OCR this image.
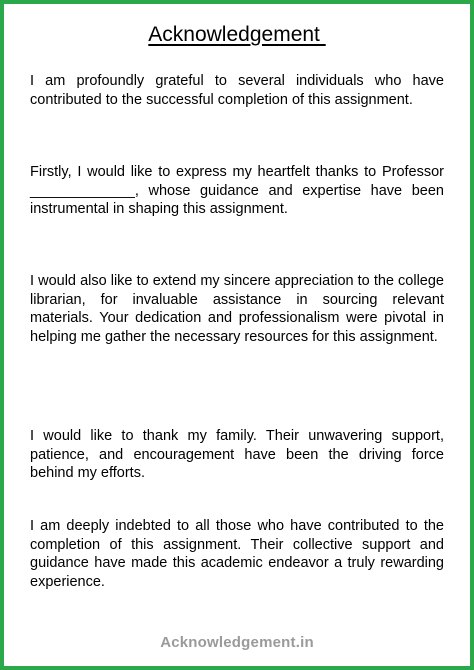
Acknowledgement

I am profoundly grateful to several individuals who have contributed to the successful completion of this assignment.

Firstly, I would like to express my heartfelt thanks to Professor _____________, whose guidance and expertise have been instrumental in shaping this assignment.

I would also like to extend my sincere appreciation to the college librarian, for invaluable assistance in sourcing relevant materials. Your dedication and professionalism were pivotal in helping me gather the necessary resources for this assignment.

I would like to thank my family. Their unwavering support, patience, and encouragement have been the driving force behind my efforts.

I am deeply indebted to all those who have contributed to the completion of this assignment. Their collective support and guidance have made this academic endeavor a truly rewarding experience.

Acknowledgement.in
